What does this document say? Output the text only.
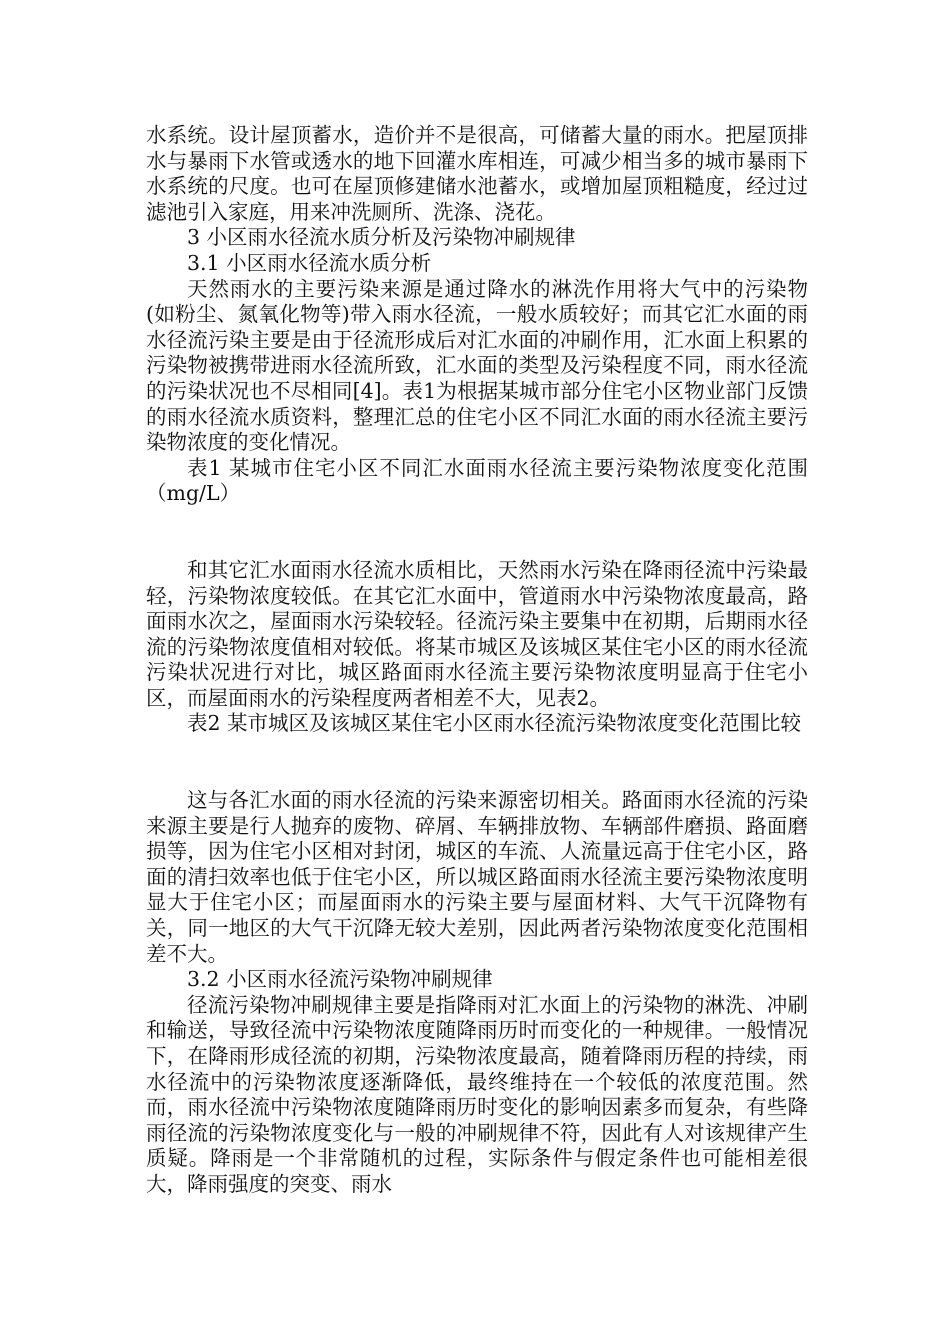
水系统。设计屋顶蓄水，造价并不是很高，可储蓄大量的雨水。把屋顶排水与暴雨下水管或透水的地下回灌水库相连，可减少相当多的城市暴雨下水系统的尺度。也可在屋顶修建储水池蓄水，或增加屋顶粗糙度，经过过滤池引入家庭，用来冲洗厕所、洗涤、浇花。

3 小区雨水径流水质分析及污染物冲刷规律

3.1 小区雨水径流水质分析

天然雨水的主要污染来源是通过降水的淋洗作用将大气中的污染物(如粉尘、氮氧化物等)带入雨水径流，一般水质较好；而其它汇水面的雨水径流污染主要是由于径流形成后对汇水面的冲刷作用，汇水面上积累的污染物被携带进雨水径流所致，汇水面的类型及污染程度不同，雨水径流的污染状况也不尽相同[4]。表1为根据某城市部分住宅小区物业部门反馈的雨水径流水质资料，整理汇总的住宅小区不同汇水面的雨水径流主要污染物浓度的变化情况。

表1 某城市住宅小区不同汇水面雨水径流主要污染物浓度变化范围（mg/L）

和其它汇水面雨水径流水质相比，天然雨水污染在降雨径流中污染最轻，污染物浓度较低。在其它汇水面中，管道雨水中污染物浓度最高，路面雨水次之，屋面雨水污染较轻。径流污染主要集中在初期，后期雨水径流的污染物浓度值相对较低。将某市城区及该城区某住宅小区的雨水径流污染状况进行对比，城区路面雨水径流主要污染物浓度明显高于住宅小区，而屋面雨水的污染程度两者相差不大，见表2。

表2 某市城区及该城区某住宅小区雨水径流污染物浓度变化范围比较

这与各汇水面的雨水径流的污染来源密切相关。路面雨水径流的污染来源主要是行人抛弃的废物、碎屑、车辆排放物、车辆部件磨损、路面磨损等，因为住宅小区相对封闭，城区的车流、人流量远高于住宅小区，路面的清扫效率也低于住宅小区，所以城区路面雨水径流主要污染物浓度明显大于住宅小区；而屋面雨水的污染主要与屋面材料、大气干沉降物有关，同一地区的大气干沉降无较大差别，因此两者污染物浓度变化范围相差不大。

3.2 小区雨水径流污染物冲刷规律

径流污染物冲刷规律主要是指降雨对汇水面上的污染物的淋洗、冲刷和输送，导致径流中污染物浓度随降雨历时而变化的一种规律。一般情况下，在降雨形成径流的初期，污染物浓度最高，随着降雨历程的持续，雨水径流中的污染物浓度逐渐降低，最终维持在一个较低的浓度范围。然而，雨水径流中污染物浓度随降雨历时变化的影响因素多而复杂，有些降雨径流的污染物浓度变化与一般的冲刷规律不符，因此有人对该规律产生质疑。降雨是一个非常随机的过程，实际条件与假定条件也可能相差很大，降雨强度的突变、雨水
